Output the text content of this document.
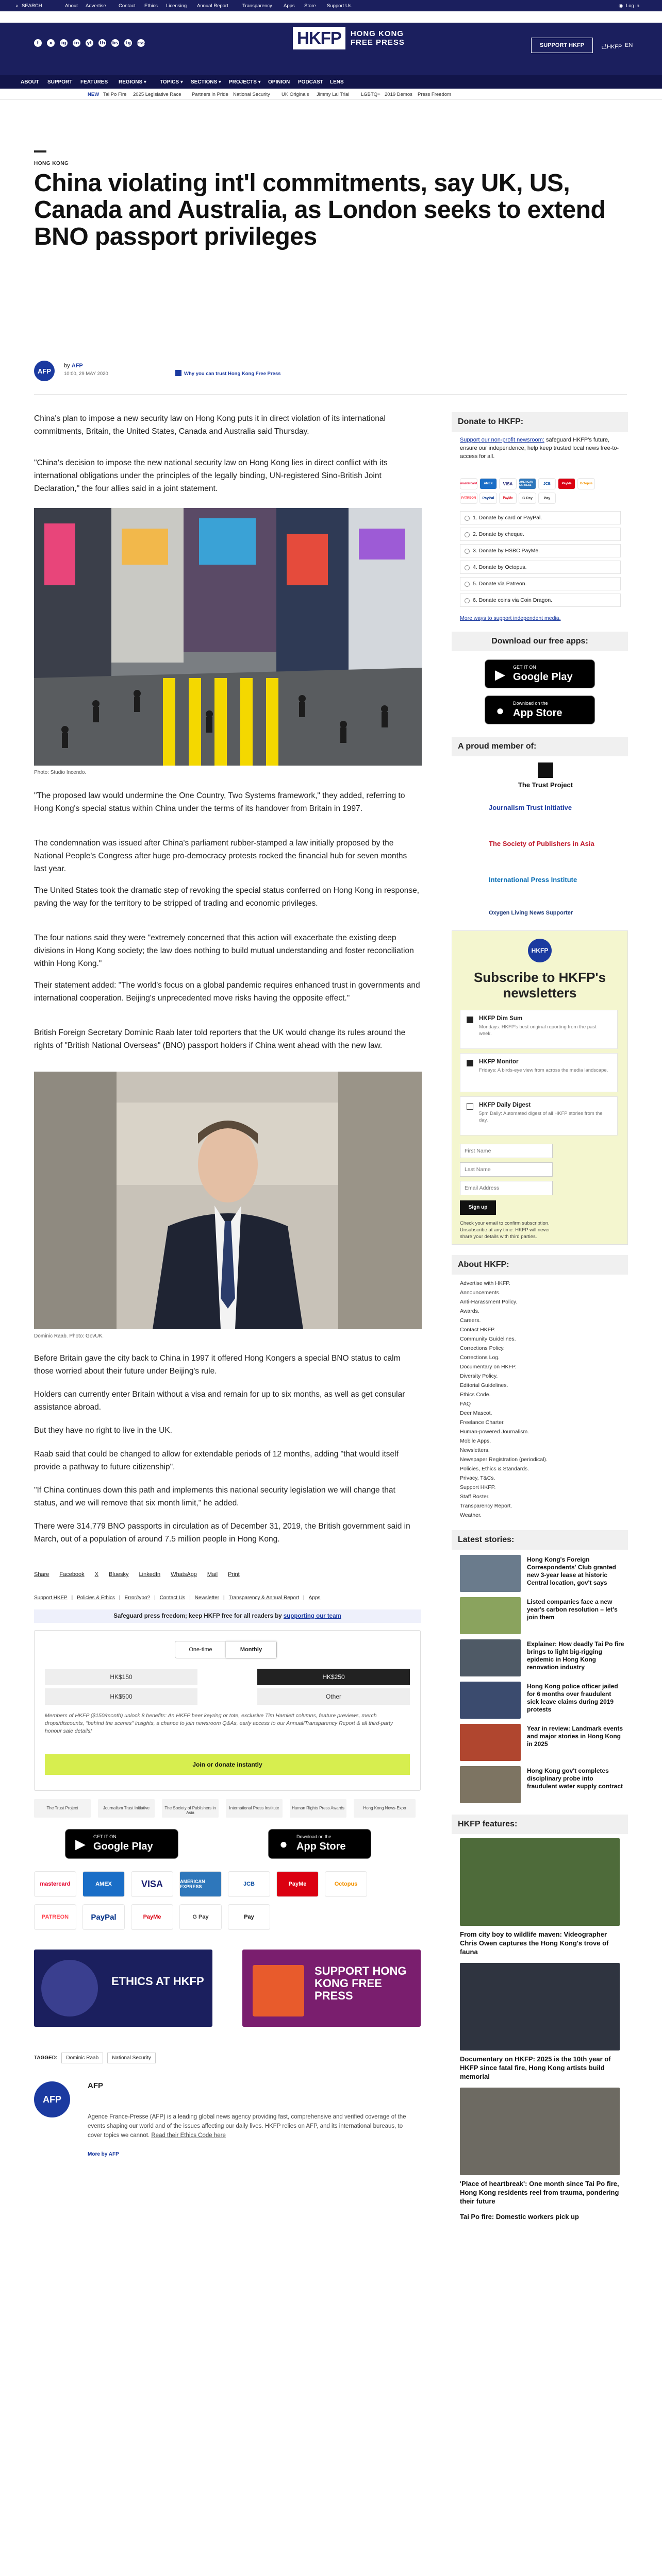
⌕ SEARCH	About Advertise	Contact Ethics Licensing Annual Report	Transparency Apps Store Support Us	◉ Log in
f	x	ig	in	yt th bs tg rss	HKFP	HONG KONG
FREE PRESS	SUPPORT HKFP	己HKFP EN
ABOUT SUPPORT FEATURES REGIONS ▾	TOPICS ▾ SECTIONS ▾ PROJECTS ▾ OPINION PODCAST LENS
NEW Tai Po Fire 2025 Legislative Race Partners in Pride National Security UK Originals Jimmy Lai Trial LGBTQ+ 2019 Demos Press Freedom
HONG KONG
China violating int'l commitments, say UK, US, Canada and Australia, as London seeks to extend BNO passport privileges
AFP
by AFP
10:00, 29 MAY 2020	Why you can trust Hong Kong Free Press

China's plan to impose a new security law on Hong Kong puts it in direct violation of its international commitments, Britain, the United States, Canada and Australia said Thursday.

"China's decision to impose the new national security law on Hong Kong lies in direct conflict with its international obligations under the principles of the legally binding, UN-registered Sino-British Joint Declaration," the four allies said in a joint statement.

Photo: Studio Incendo.

"The proposed law would undermine the One Country, Two Systems framework," they added, referring to Hong Kong's special status within China under the terms of its handover from Britain in 1997.

The condemnation was issued after China's parliament rubber-stamped a law initially proposed by the National People's Congress after huge pro-democracy protests rocked the financial hub for seven months last year.

The United States took the dramatic step of revoking the special status conferred on Hong Kong in response, paving the way for the territory to be stripped of trading and economic privileges.

The four nations said they were "extremely concerned that this action will exacerbate the existing deep divisions in Hong Kong society; the law does nothing to build mutual understanding and foster reconciliation within Hong Kong."

Their statement added: "The world's focus on a global pandemic requires enhanced trust in governments and international cooperation. Beijing's unprecedented move risks having the opposite effect."

British Foreign Secretary Dominic Raab later told reporters that the UK would change its rules around the rights of "British National Overseas" (BNO) passport holders if China went ahead with the new law.

Dominic Raab. Photo: GovUK.

Before Britain gave the city back to China in 1997 it offered Hong Kongers a special BNO status to calm those worried about their future under Beijing's rule.

Holders can currently enter Britain without a visa and remain for up to six months, as well as get consular assistance abroad.

But they have no right to live in the UK.

Raab said that could be changed to allow for extendable periods of 12 months, adding "that would itself provide a pathway to future citizenship".

"If China continues down this path and implements this national security legislation we will change that status, and we will remove that six month limit," he added.

There were 314,779 BNO passports in circulation as of December 31, 2019, the British government said in March, out of a population of around 7.5 million people in Hong Kong.

Share Facebook X Bluesky LinkedIn WhatsApp Mail Print
Support HKFP | Policies & Ethics | Error/typo? | Contact Us | Newsletter | Transparency & Annual Report | Apps
Safeguard press freedom; keep HKFP free for all readers by supporting our team
One-time	Monthly
HK$150	HK$250
HK$500	Other
Members of HKFP ($150/month) unlock 8 benefits: An HKFP beer keyring or tote, exclusive Tim Hamlett columns, feature previews, merch drops/discounts, "behind the scenes" insights, a chance to join newsroom Q&As, early access to our Annual/Transparency Report & all third-party honour sale details!
Join or donate instantly
The Trust Project	Journalism Trust Initiative	The Society of Publishers in Asia
International Press Institute	Human Rights Press Awards	Hong Kong News-Expo
▶	GET IT ON
Google Play	●	Download on the
App Store
mastercard	AMEX	VISA	AMERICAN EXPRESS	JCB	PayMe	Octopus
PATREON	PayPal	PayMe	G Pay	Pay
ETHICS AT HKFP
SUPPORT HONG KONG FREE PRESS
TAGGED:	Dominic Raab	National Security
AFP
AFP
Agence France-Presse (AFP) is a leading global news agency providing fast, comprehensive and verified coverage of the events shaping our world and of the issues affecting our daily lives. HKFP relies on AFP, and its international bureaus, to cover topics we cannot. Read their Ethics Code here
More by AFP
Donate to HKFP:
Support our non-profit newsroom: safeguard HKFP's future, ensure our independence, help keep trusted local news free-to-access for all.
mastercard	AMEX	VISA	AMERICAN EXPRESS	JCB	PayMe	Octopus
PATREON	PayPal	PayMe	G Pay	Pay
1. Donate by card or PayPal.
2. Donate by cheque.
3. Donate by HSBC PayMe.
4. Donate by Octopus.
5. Donate via Patreon.
6. Donate coins via Coin Dragon.
More ways to support independent media.
Download our free apps:
▶	GET IT ON
Google Play
●	Download on the
App Store
A proud member of:
The Trust Project
Journalism Trust Initiative
The Society of Publishers in Asia
International Press Institute
Oxygen Living News Supporter
HKFP
Subscribe to HKFP's newsletters
HKFP Dim Sum
Mondays: HKFP's best original reporting from the past week.
HKFP Monitor
Fridays: A birds-eye view from across the media landscape.
HKFP Daily Digest
5pm Daily: Automated digest of all HKFP stories from the day.
First Name
Last Name
Email Address
Sign up
Check your email to confirm subscription. Unsubscribe at any time. HKFP will never share your details with third parties.
About HKFP:
Advertise with HKFP.
Announcements.
Anti-Harassment Policy.
Awards.
Careers.
Contact HKFP.
Community Guidelines.
Corrections Policy.
Corrections Log.
Documentary on HKFP.
Diversity Policy.
Editorial Guidelines.
Ethics Code.
FAQ
Deer Mascot.
Freelance Charter.
Human-powered Journalism.
Mobile Apps.
Newsletters.
Newspaper Registration (periodical).
Policies, Ethics & Standards.
Privacy, T&Cs.
Support HKFP.
Staff Roster.
Transparency Report.
Weather.
Latest stories:
Hong Kong's Foreign Correspondents' Club granted new 3-year lease at historic Central location, gov't says
Listed companies face a new year's carbon resolution – let's join them
Explainer: How deadly Tai Po fire brings to light big-rigging epidemic in Hong Kong renovation industry
Hong Kong police officer jailed for 6 months over fraudulent sick leave claims during 2019 protests
Year in review: Landmark events and major stories in Hong Kong in 2025
Hong Kong gov't completes disciplinary probe into fraudulent water supply contract
HKFP features:
From city boy to wildlife maven: Videographer Chris Owen captures the Hong Kong's trove of fauna
Documentary on HKFP: 2025 is the 10th year of HKFP since fatal fire, Hong Kong artists build memorial
'Place of heartbreak': One month since Tai Po fire, Hong Kong residents reel from trauma, pondering their future
Tai Po fire: Domestic workers pick up
